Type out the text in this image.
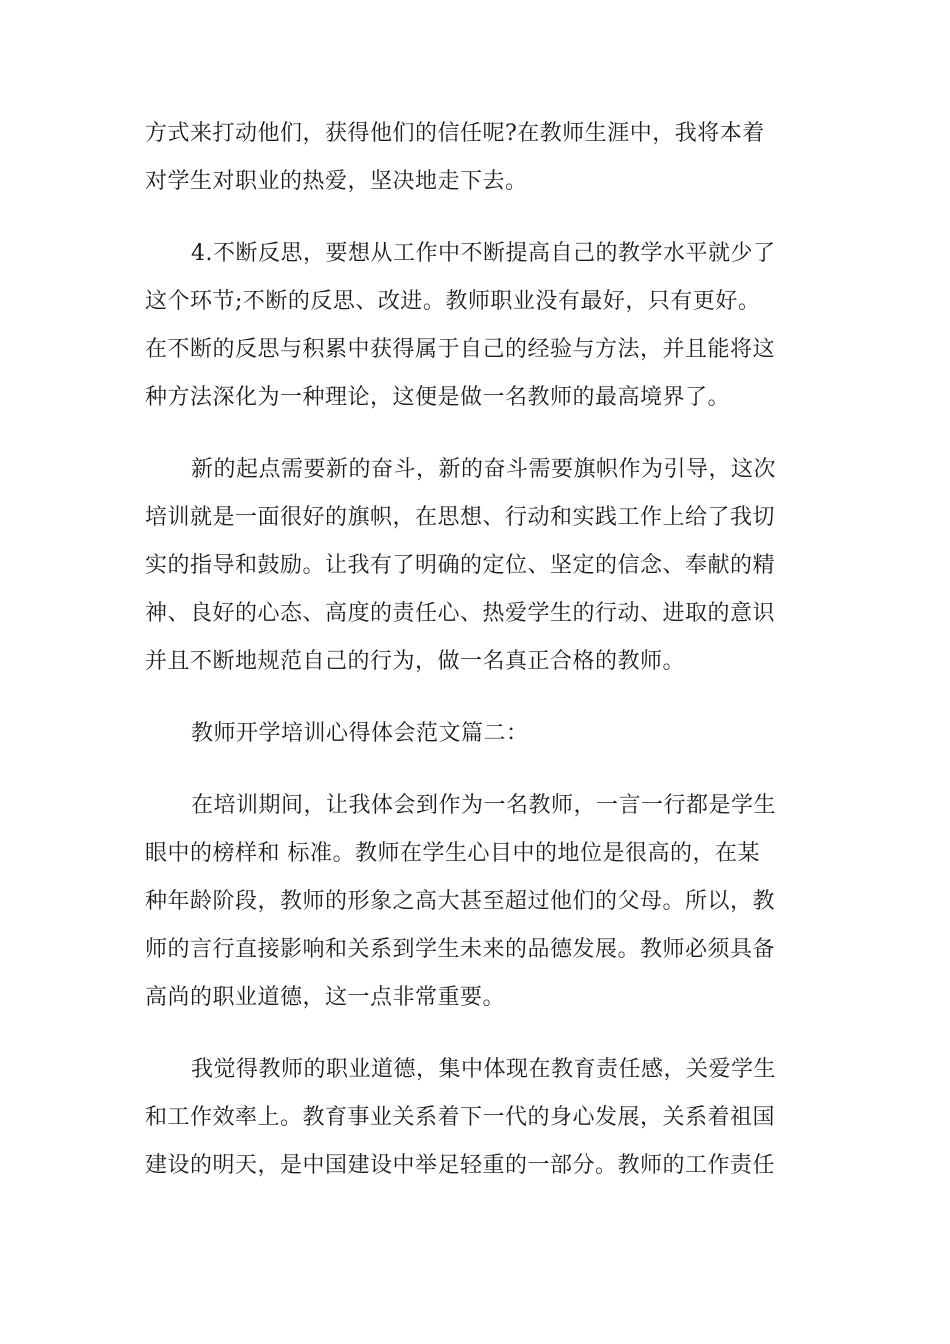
方式来打动他们，获得他们的信任呢?在教师生涯中，我将本着
对学生对职业的热爱，坚决地走下去。
4.不断反思，要想从工作中不断提高自己的教学水平就少了
这个环节;不断的反思、改进。教师职业没有最好，只有更好。
在不断的反思与积累中获得属于自己的经验与方法，并且能将这
种方法深化为一种理论，这便是做一名教师的最高境界了。
新的起点需要新的奋斗，新的奋斗需要旗帜作为引导，这次
培训就是一面很好的旗帜，在思想、行动和实践工作上给了我切
实的指导和鼓励。让我有了明确的定位、坚定的信念、奉献的精
神、良好的心态、高度的责任心、热爱学生的行动、进取的意识
并且不断地规范自己的行为，做一名真正合格的教师。
教师开学培训心得体会范文篇二：
在培训期间，让我体会到作为一名教师，一言一行都是学生
眼中的榜样和 标准。教师在学生心目中的地位是很高的，在某
种年龄阶段，教师的形象之高大甚至超过他们的父母。所以，教
师的言行直接影响和关系到学生未来的品德发展。教师必须具备
高尚的职业道德，这一点非常重要。
我觉得教师的职业道德，集中体现在教育责任感，关爱学生
和工作效率上。教育事业关系着下一代的身心发展，关系着祖国
建设的明天，是中国建设中举足轻重的一部分。教师的工作责任
